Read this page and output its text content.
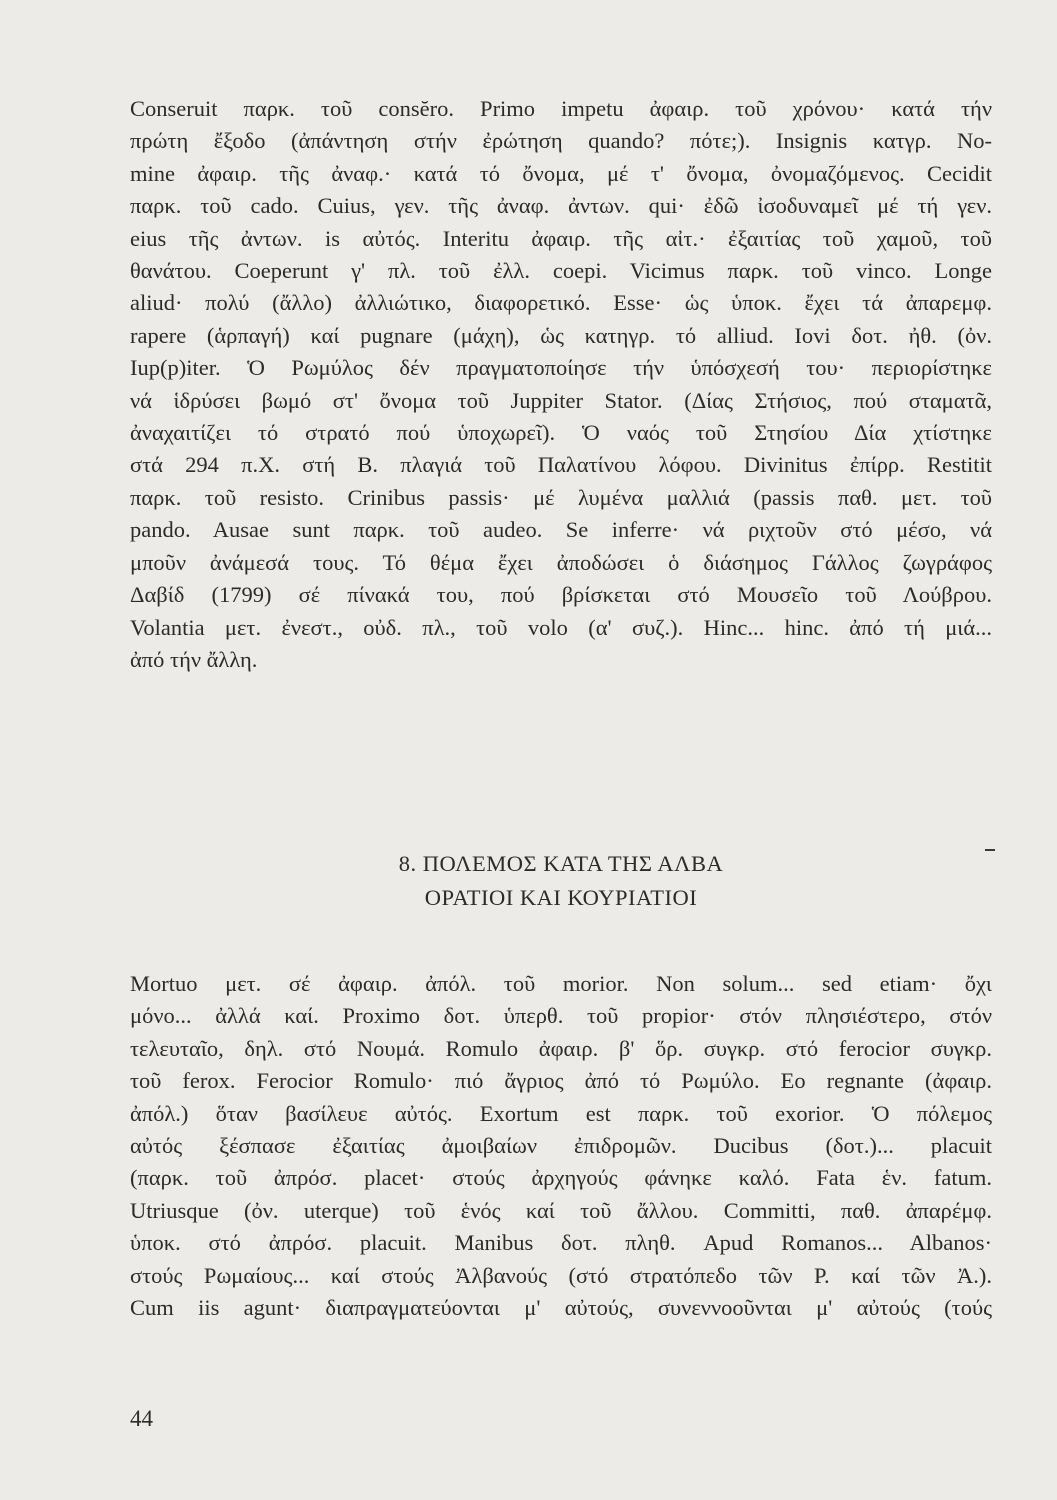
Conseruit παρκ. τοῦ consĕro. Primo impetu ἀφαιρ. τοῦ χρόνου· κατά τήν
πρώτη ἔξοδο (ἀπάντηση στήν ἐρώτηση quando? πότε;). Insignis κατγρ. No-
mine ἀφαιρ. τῆς ἀναφ.· κατά τό ὄνομα, μέ τ' ὄνομα, ὀνομαζόμενος. Cecidit
παρκ. τοῦ cado. Cuius, γεν. τῆς ἀναφ. ἀντων. qui· ἐδῶ ἰσοδυναμεῖ μέ τή γεν.
eius τῆς ἀντων. is αὐτός. Interitu ἀφαιρ. τῆς αἰτ.· ἐξαιτίας τοῦ χαμοῦ, τοῦ
θανάτου. Coeperunt γ' πλ. τοῦ ἐλλ. coepi. Vicimus παρκ. τοῦ vinco. Longe
aliud· πολύ (ἄλλο) ἀλλιώτικο, διαφορετικό. Esse· ὡς ὑποκ. ἔχει τά ἀπαρεμφ.
rapere (ἁρπαγή) καί pugnare (μάχη), ὡς κατηγρ. τό alliud. Iovi δοτ. ἠθ. (ὀν.
Iup(p)iter. Ὁ Ρωμύλος δέν πραγματοποίησε τήν ὑπόσχεσή του· περιορίστηκε
νά ἱδρύσει βωμό στ' ὄνομα τοῦ Juppiter Stator. (Δίας Στήσιος, πού σταματᾶ,
ἀναχαιτίζει τό στρατό πού ὑποχωρεῖ). Ὁ ναός τοῦ Στησίου Δία χτίστηκε
στά 294 π.Χ. στή Β. πλαγιά τοῦ Παλατίνου λόφου. Divinitus ἐπίρρ. Restitit
παρκ. τοῦ resisto. Crinibus passis· μέ λυμένα μαλλιά (passis παθ. μετ. τοῦ
pando. Ausae sunt παρκ. τοῦ audeo. Se inferre· νά ριχτοῦν στό μέσο, νά
μποῦν ἀνάμεσά τους. Τό θέμα ἔχει ἀποδώσει ὁ διάσημος Γάλλος ζωγράφος
Δαβίδ (1799) σέ πίνακά του, πού βρίσκεται στό Μουσεῖο τοῦ Λούβρου.
Volantia μετ. ἐνεστ., οὐδ. πλ., τοῦ volo (α' συζ.). Hinc... hinc. ἀπό τή μιά...
ἀπό τήν ἄλλη.
8. ΠΟΛΕΜΟΣ ΚΑΤΑ ΤΗΣ ΑΛΒΑ
ΟΡΑΤΙΟΙ ΚΑΙ ΚΟΥΡΙΑΤΙΟΙ
Mortuo μετ. σέ ἀφαιρ. ἀπόλ. τοῦ morior. Non solum... sed etiam· ὄχι
μόνο... ἀλλά καί. Proximo δοτ. ὑπερθ. τοῦ propior· στόν πλησιέστερο, στόν
τελευταῖο, δηλ. στό Νουμά. Romulo ἀφαιρ. β' ὅρ. συγκρ. στό ferocior συγκρ.
τοῦ ferox. Ferocior Romulo· πιό ἄγριος ἀπό τό Ρωμύλο. Eo regnante (ἀφαιρ.
ἀπόλ.) ὅταν βασίλευε αὐτός. Exortum est παρκ. τοῦ exorior. Ὁ πόλεμος
αὐτός ξέσπασε ἐξαιτίας ἀμοιβαίων ἐπιδρομῶν. Ducibus (δοτ.)... placuit
(παρκ. τοῦ ἀπρόσ. placet· στούς ἀρχηγούς φάνηκε καλό. Fata ἑν. fatum.
Utriusque (ὀν. uterque) τοῦ ἑνός καί τοῦ ἄλλου. Committi, παθ. ἀπαρέμφ.
ὑποκ. στό ἀπρόσ. placuit. Manibus δοτ. πληθ. Apud Romanos... Albanos·
στούς Ρωμαίους... καί στούς Ἀλβανούς (στό στρατόπεδο τῶν Ρ. καί τῶν Ἀ.).
Cum iis agunt· διαπραγματεύονται μ' αὐτούς, συνεννοοῦνται μ' αὐτούς (τούς
44
